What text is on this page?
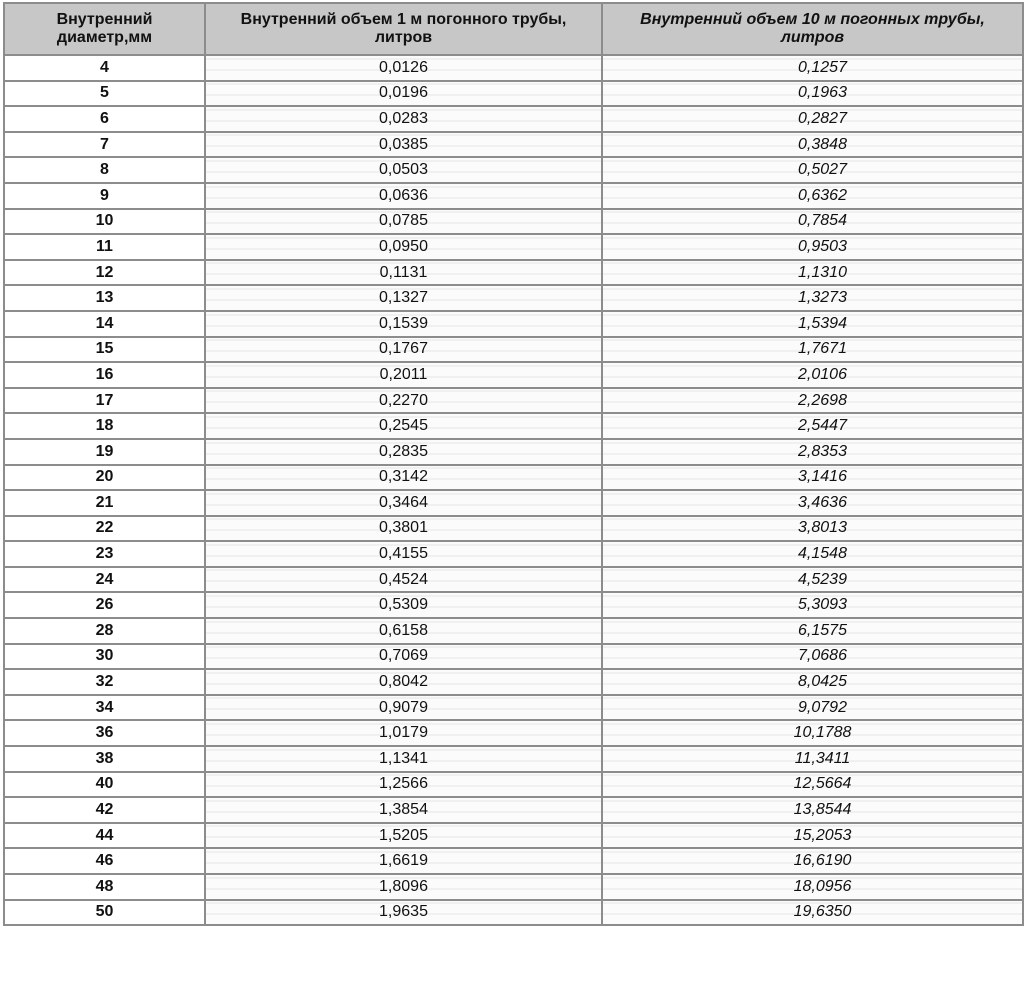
Внутренний диаметр,мм	Внутренний объем 1 м погонного трубы, литров	Внутренний объем 10 м погонных трубы, литров
4	0,0126	0,1257
5	0,0196	0,1963
6	0,0283	0,2827
7	0,0385	0,3848
8	0,0503	0,5027
9	0,0636	0,6362
10	0,0785	0,7854
11	0,0950	0,9503
12	0,1131	1,1310
13	0,1327	1,3273
14	0,1539	1,5394
15	0,1767	1,7671
16	0,2011	2,0106
17	0,2270	2,2698
18	0,2545	2,5447
19	0,2835	2,8353
20	0,3142	3,1416
21	0,3464	3,4636
22	0,3801	3,8013
23	0,4155	4,1548
24	0,4524	4,5239
26	0,5309	5,3093
28	0,6158	6,1575
30	0,7069	7,0686
32	0,8042	8,0425
34	0,9079	9,0792
36	1,0179	10,1788
38	1,1341	11,3411
40	1,2566	12,5664
42	1,3854	13,8544
44	1,5205	15,2053
46	1,6619	16,6190
48	1,8096	18,0956
50	1,9635	19,6350
